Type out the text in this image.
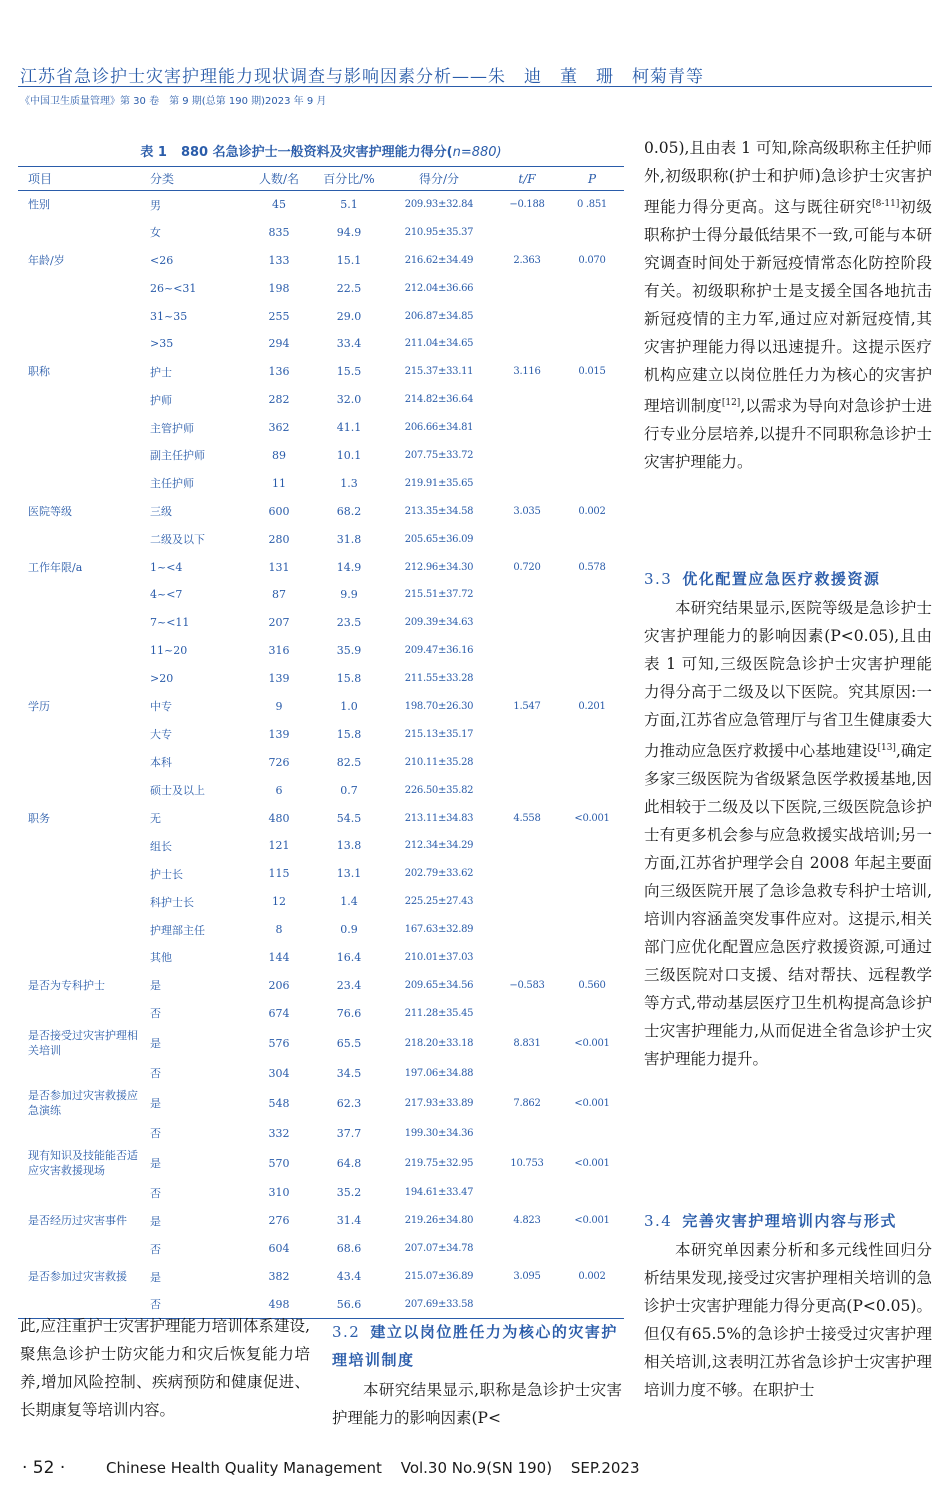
江苏省急诊护士灾害护理能力现状调查与影响因素分析——朱　迪　董　珊　柯菊青等
《中国卫生质量管理》第 30 卷　第 9 期(总第 190 期)2023 年 9 月
表 1 880 名急诊护士一般资料及灾害护理能力得分(n=880)
项目	分类	人数/名	百分比/%	得分/分	t/F	P
性别	男	45	5.1	209.93±32.84	−0.188	0 .851
	女	835	94.9	210.95±35.37		
年龄/岁	<26	133	15.1	216.62±34.49	2.363	0.070
	26~<31	198	22.5	212.04±36.66		
	31~35	255	29.0	206.87±34.85		
	>35	294	33.4	211.04±34.65		
职称	护士	136	15.5	215.37±33.11	3.116	0.015
	护师	282	32.0	214.82±36.64		
	主管护师	362	41.1	206.66±34.81		
	副主任护师	89	10.1	207.75±33.72		
	主任护师	11	1.3	219.91±35.65		
医院等级	三级	600	68.2	213.35±34.58	3.035	0.002
	二级及以下	280	31.8	205.65±36.09		
工作年限/a	1~<4	131	14.9	212.96±34.30	0.720	0.578
	4~<7	87	9.9	215.51±37.72		
	7~<11	207	23.5	209.39±34.63		
	11~20	316	35.9	209.47±36.16		
	>20	139	15.8	211.55±33.28		
学历	中专	9	1.0	198.70±26.30	1.547	0.201
	大专	139	15.8	215.13±35.17		
	本科	726	82.5	210.11±35.28		
	硕士及以上	6	0.7	226.50±35.82		
职务	无	480	54.5	213.11±34.83	4.558	<0.001
	组长	121	13.8	212.34±34.29		
	护士长	115	13.1	202.79±33.62		
	科护士长	12	1.4	225.25±27.43		
	护理部主任	8	0.9	167.63±32.89		
	其他	144	16.4	210.01±37.03		
是否为专科护士	是	206	23.4	209.65±34.56	−0.583	0.560
	否	674	76.6	211.28±35.45		
是否接受过灾害护理相关培训	是	576	65.5	218.20±33.18	8.831	<0.001
	否	304	34.5	197.06±34.88		
是否参加过灾害救援应急演练	是	548	62.3	217.93±33.89	7.862	<0.001
	否	332	37.7	199.30±34.36		
现有知识及技能能否适应灾害救援现场	是	570	64.8	219.75±32.95	10.753	<0.001
	否	310	35.2	194.61±33.47		
是否经历过灾害事件	是	276	31.4	219.26±34.80	4.823	<0.001
	否	604	68.6	207.07±34.78		
是否参加过灾害救援	是	382	43.4	215.07±36.89	3.095	0.002
	否	498	56.6	207.69±33.58		

此,应注重护士灾害护理能力培训体系建设,聚焦急诊护士防灾能力和灾后恢复能力培养,增加风险控制、疾病预防和健康促进、长期康复等培训内容。

3.2 建立以岗位胜任力为核心的灾害护理培训制度

本研究结果显示,职称是急诊护士灾害护理能力的影响因素(P<

0.05),且由表 1 可知,除高级职称主任护师外,初级职称(护士和护师)急诊护士灾害护理能力得分更高。这与既往研究[8-11]初级职称护士得分最低结果不一致,可能与本研究调查时间处于新冠疫情常态化防控阶段有关。初级职称护士是支援全国各地抗击新冠疫情的主力军,通过应对新冠疫情,其灾害护理能力得以迅速提升。这提示医疗机构应建立以岗位胜任力为核心的灾害护理培训制度[12],以需求为导向对急诊护士进行专业分层培养,以提升不同职称急诊护士灾害护理能力。

3.3 优化配置应急医疗救援资源

本研究结果显示,医院等级是急诊护士灾害护理能力的影响因素(P<0.05),且由表 1 可知,三级医院急诊护士灾害护理能力得分高于二级及以下医院。究其原因:一方面,江苏省应急管理厅与省卫生健康委大力推动应急医疗救援中心基地建设[13],确定多家三级医院为省级紧急医学救援基地,因此相较于二级及以下医院,三级医院急诊护士有更多机会参与应急救援实战培训;另一方面,江苏省护理学会自 2008 年起主要面向三级医院开展了急诊急救专科护士培训,培训内容涵盖突发事件应对。这提示,相关部门应优化配置应急医疗救援资源,可通过三级医院对口支援、结对帮扶、远程教学等方式,带动基层医疗卫生机构提高急诊护士灾害护理能力,从而促进全省急诊护士灾害护理能力提升。

3.4 完善灾害护理培训内容与形式

本研究单因素分析和多元线性回归分析结果发现,接受过灾害护理相关培训的急诊护士灾害护理能力得分更高(P<0.05)。但仅有65.5%的急诊护士接受过灾害护理相关培训,这表明江苏省急诊护士灾害护理培训力度不够。在职护士

· 52 ·	Chinese Health Quality Management Vol.30 No.9(SN 190) SEP.2023
